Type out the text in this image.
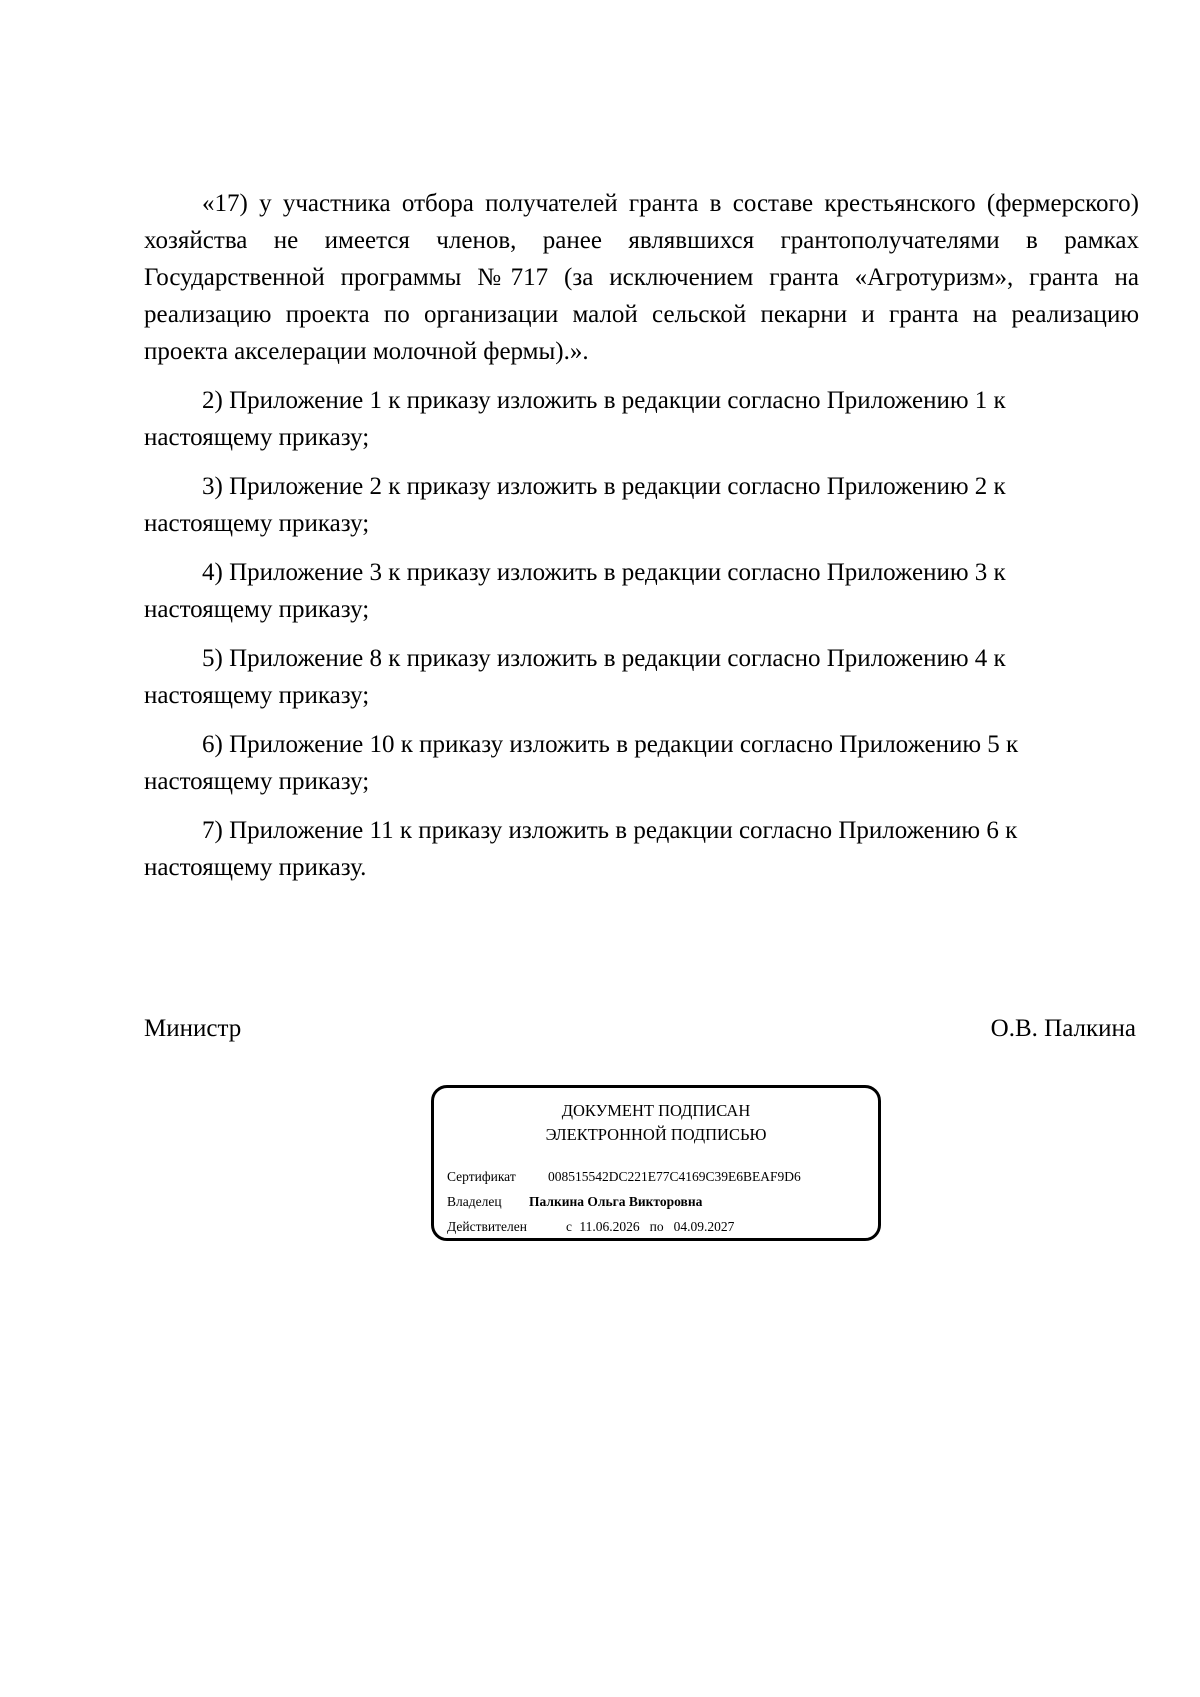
«17) у участника отбора получателей гранта в составе крестьянского (фермерского) хозяйства не имеется членов, ранее являвшихся грантополучателями в рамках Государственной программы №717 (за исключением гранта «Агротуризм», гранта на реализацию проекта по организации малой сельской пекарни и гранта на реализацию проекта акселерации молочной фермы).».

2) Приложение 1 к приказу изложить в редакции согласно Приложению 1 к настоящему приказу;

3) Приложение 2 к приказу изложить в редакции согласно Приложению 2 к настоящему приказу;

4) Приложение 3 к приказу изложить в редакции согласно Приложению 3 к настоящему приказу;

5) Приложение 8 к приказу изложить в редакции согласно Приложению 4 к настоящему приказу;

6) Приложение 10 к приказу изложить в редакции согласно Приложению 5 к настоящему приказу;

7) Приложение 11 к приказу изложить в редакции согласно Приложению 6 к настоящему приказу.

Министр	О.В. Палкина
ДОКУМЕНТ ПОДПИСАН
ЭЛЕКТРОННОЙ ПОДПИСЬЮ
Сертификат 008515542DC221E77C4169C39E6BEAF9D6
Владелец Палкина Ольга Викторовна
Действителен	с 11.06.2026 по 04.09.2027
